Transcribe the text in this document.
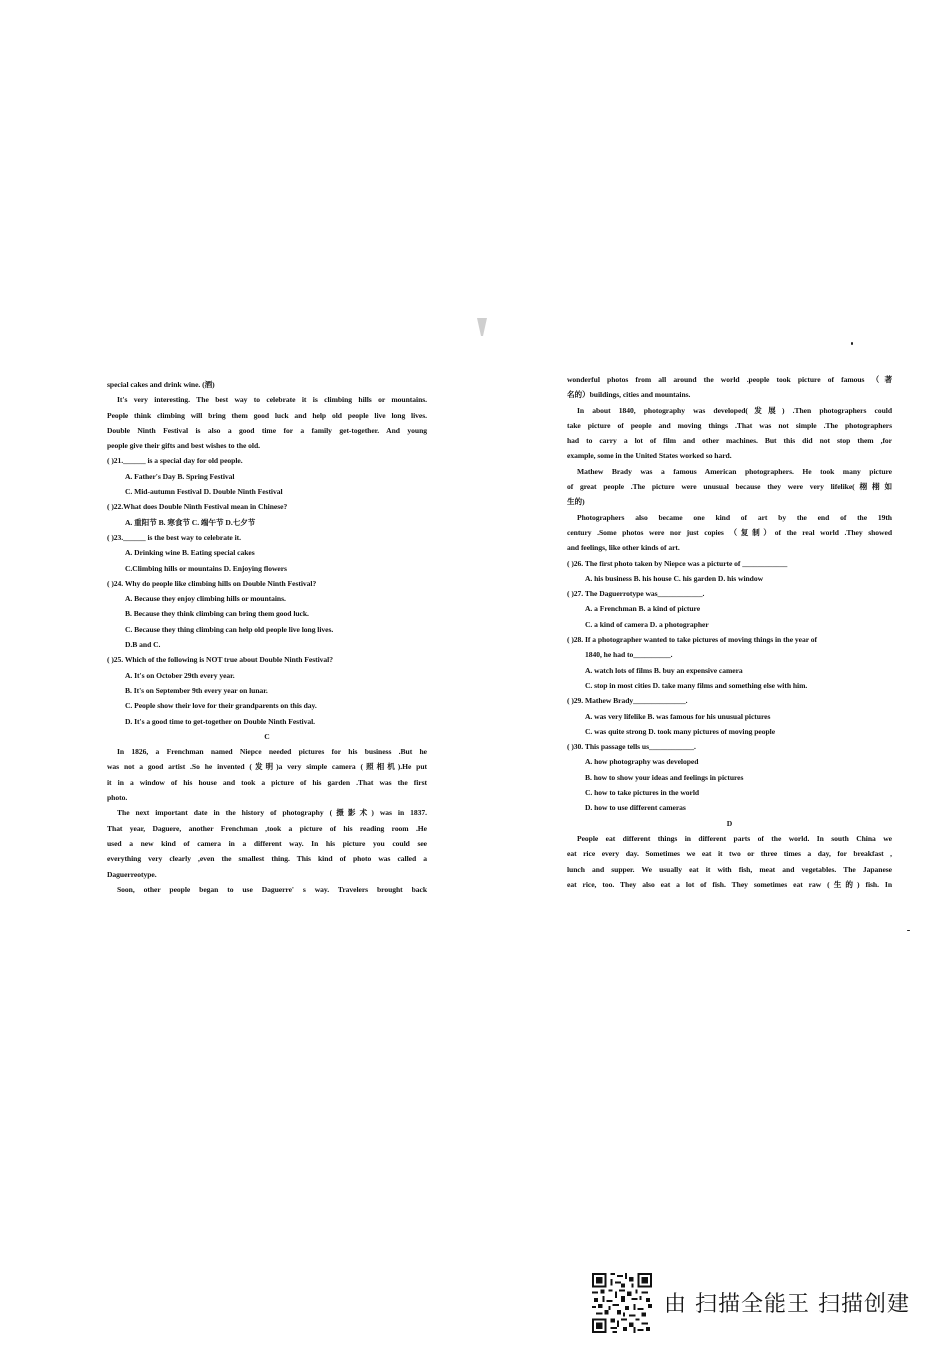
special cakes and drink wine. (酒)

It's very interesting. The best way to celebrate it is climbing hills or mountains.

People think climbing will bring them good luck and help old people live long lives.

Double Ninth Festival is also a good time for a family get-together. And young

people give their gifts and best wishes to the old.

( )21.______ is a special day for old people.

A. Father's Day B. Spring Festival

C. Mid-autumn Festival D. Double Ninth Festival

( )22.What does Double Ninth Festival mean in Chinese?

A. 重阳节 B. 寒食节 C. 端午节 D.七夕节

( )23.______ is the best way to celebrate it.

A. Drinking wine B. Eating special cakes

C.Climbing hills or mountains D. Enjoying flowers

( )24. Why do people like climbing hills on Double Ninth Festival?

A. Because they enjoy climbing hills or mountains.

B. Because they think climbing can bring them good luck.

C. Because they thing climbing can help old people live long lives.

D.B and C.

( )25. Which of the following is NOT true about Double Ninth Festival?

A. It's on October 29th every year.

B. It's on September 9th every year on lunar.

C. People show their love for their grandparents on this day.

D. It's a good time to get-together on Double Ninth Festival.

C

In 1826, a Frenchman named Niepce needed pictures for his business .But he

was not a good artist .So he invented (发明)a very simple camera (照相机).He put

it in a window of his house and took a picture of his garden .That was the first

photo.

The next important date in the history of photography (摄影术) was in 1837.

That year, Daguere, another Frenchman ,took a picture of his reading room .He

used a new kind of camera in a different way. In his picture you could see

everything very clearly ,even the smallest thing. This kind of photo was called a

Daguerreotype.

Soon, other people began to use Daguerre' s way. Travelers brought back

wonderful photos from all around the world .people took picture of famous （著

名的）buildings, cities and mountains.

In about 1840, photography was developed(发展) .Then photographers could

take picture of people and moving things .That was not simple .The photographers

had to carry a lot of film and other machines. But this did not stop them ,for

example, some in the United States worked so hard.

Mathew Brady was a famous American photographers. He took many picture

of great people .The picture were unusual because they were very lifelike(栩栩如

生的)

Photographers also became one kind of art by the end of the 19th

century .Some photos were nor just copies （复制）of the real world .They showed

and feelings, like other kinds of art.

( )26. The first photo taken by Niepce was a picturte of ____________

A. his business B. his house C. his garden D. his window

( )27. The Daguerrotype was____________.

A. a Frenchman B. a kind of picture

C. a kind of camera D. a photographer

( )28. If a photographer wanted to take pictures of moving things in the year of

1840, he had to__________.

A. watch lots of films B. buy an expensive camera

C. stop in most cities D. take many films and something else with him.

( )29. Mathew Brady______________.

A. was very lifelike B. was famous for his unusual pictures

C. was quite strong D. took many pictures of moving people

( )30. This passage tells us____________.

A. how photography was developed

B. how to show your ideas and feelings in pictures

C. how to take pictures in the world

D. how to use different cameras

D

People eat different things in different parts of the world. In south China we

eat rice every day. Sometimes we eat it two or three times a day, for breakfast ,

lunch and supper. We usually eat it with fish, meat and vegetables. The Japanese

eat rice, too. They also eat a lot of fish. They sometimes eat raw (生的) fish. In

由 扫描全能王 扫描创建
